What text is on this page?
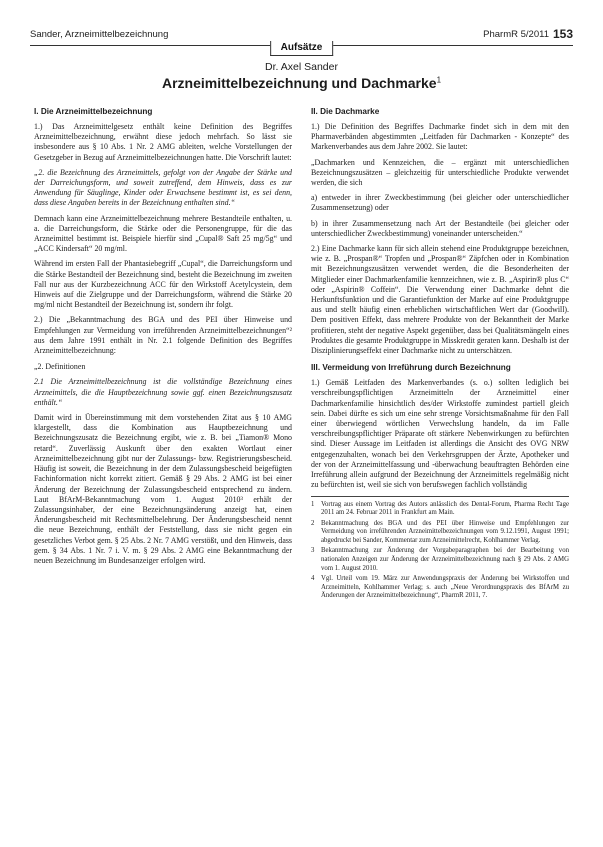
Sander, Arzneimittelbezeichnung	PharmR 5/2011 153
Aufsätze
Dr. Axel Sander
Arzneimittelbezeichnung und Dachmarke$^1$
I. Die Arzneimittelbezeichnung

1.) Das Arzneimittelgesetz enthält keine Definition des Begriffes Arzneimittelbezeichnung, erwähnt diese jedoch mehrfach. So lässt sie insbesondere aus § 10 Abs. 1 Nr. 2 AMG ableiten, welche Vorstellungen der Gesetzgeber in Bezug auf Arzneimittelbezeichnungen hatte. Die Vorschrift lautet:

„2. die Bezeichnung des Arzneimittels, gefolgt von der Angabe der Stärke und der Darreichungsform, und soweit zutreffend, dem Hinweis, dass es zur Anwendung für Säuglinge, Kinder oder Erwachsene bestimmt ist, es sei denn, dass diese Angaben bereits in der Bezeichnung enthalten sind.“

Demnach kann eine Arzneimittelbezeichnung mehrere Bestandteile enthalten, u. a. die Darreichungsform, die Stärke oder die Personengruppe, für die das Arzneimittel bestimmt ist. Beispiele hierfür sind „Cupal® Saft 25 mg/5g“ und „ACC Kindersaft“ 20 mg/ml.

Während im ersten Fall der Phantasiebegriff „Cupal“, die Darreichungsform und die Stärke Bestandteil der Bezeichnung sind, besteht die Bezeichnung im zweiten Fall nur aus der Kurzbezeichnung ACC für den Wirkstoff Acetylcystein, dem Hinweis auf die Zielgruppe und der Darreichungsform, während die Stärke 20 mg/ml nicht Bestandteil der Bezeichnung ist, sondern ihr folgt.

2.) Die „Bekanntmachung des BGA und des PEI über Hinweise und Empfehlungen zur Vermeidung von irreführenden Arzneimittelbezeichnungen“² aus dem Jahre 1991 enthält in Nr. 2.1 folgende Definition des Begriffes Arzneimittelbezeichnung:

„2. Definitionen

2.1 Die Arzneimittelbezeichnung ist die vollständige Bezeichnung eines Arzneimittels, die die Hauptbezeichnung sowie ggf. einen Bezeichnungszusatz enthält.“

Damit wird in Übereinstimmung mit dem vorstehenden Zitat aus § 10 AMG klargestellt, dass die Kombination aus Hauptbezeichnung und Bezeichnungszusatz die Bezeichnung ergibt, wie z. B. bei „Tiamon® Mono retard“. Zuverlässig Auskunft über den exakten Wortlaut einer Arzneimittelbezeichnung gibt nur der Zulassungs- bzw. Registrierungsbescheid. Häufig ist soweit, die Bezeichnung in der dem Zulassungsbescheid beigefügten Fachinformation nicht korrekt zitiert. Gemäß § 29 Abs. 2 AMG ist bei einer Änderung der Bezeichnung der Zulassungsbescheid entsprechend zu ändern. Laut BfArM-Bekanntmachung vom 1. August 2010³ erhält der Zulassungsinhaber, der eine Bezeichnungsänderung anzeigt hat, einen Änderungsbescheid mit Rechtsmittelbelehrung. Der Änderungsbescheid nennt die neue Bezeichnung, enthält der Feststellung, dass sie nicht gegen ein gesetzliches Verbot gem. § 25 Abs. 2 Nr. 7 AMG verstößt, und den Hinweis, dass gem. § 34 Abs. 1 Nr. 7 i. V. m. § 29 Abs. 2 AMG eine Bekanntmachung der neuen Bezeichnung im Bundesanzeiger erfolgen wird.

II. Die Dachmarke

1.) Die Definition des Begriffes Dachmarke findet sich in dem mit den Pharmaverbänden abgestimmten „Leitfaden für Dachmarken - Konzepte“ des Markenverbandes aus dem Jahre 2002. Sie lautet:

„Dachmarken und Kennzeichen, die – ergänzt mit unterschiedlichen Bezeichnungszusätzen – gleichzeitig für unterschiedliche Produkte verwendet werden, die sich

a) entweder in ihrer Zweckbestimmung (bei gleicher oder unterschiedlicher Zusammensetzung) oder

b) in ihrer Zusammensetzung nach Art der Bestandteile (bei gleicher oder unterschiedlicher Zweckbestimmung) voneinander unterscheiden.“

2.) Eine Dachmarke kann für sich allein stehend eine Produktgruppe bezeichnen, wie z. B. „Prospan®“ Tropfen und „Prospan®“ Zäpfchen oder in Kombination mit Bezeichnungszusätzen verwendet werden, die die Besonderheiten der Mitglieder einer Dachmarkenfamilie kennzeichnen, wie z. B. „Aspirin® plus C“ oder „Aspirin® Coffein“. Die Verwendung einer Dachmarke dehnt die Herkunftsfunktion und die Garantiefunktion der Marke auf eine Produktgruppe aus und stellt häufig einen erheblichen wirtschaftlichen Wert dar (Goodwill). Dem positiven Effekt, dass mehrere Produkte von der Bekanntheit der Marke profitieren, steht der negative Aspekt gegenüber, dass bei Qualitätsmängeln eines Produktes die gesamte Produktgruppe in Misskredit geraten kann. Deshalb ist der Disziplinierungseffekt einer Dachmarke nicht zu unterschätzen.

III. Vermeidung von Irreführung durch Bezeichnung

1.) Gemäß Leitfaden des Markenverbandes (s. o.) sollten lediglich bei verschreibungspflichtigen Arzneimitteln der Arzneimittel einer Dachmarkenfamilie hinsichtlich des/der Wirkstoffe zumindest partiell gleich sein. Dabei dürfte es sich um eine sehr strenge Vorsichtsmaßnahme für den Fall einer überwiegend wörtlichen Verwechslung handeln, da im Falle verschreibungspflichtiger Präparate oft stärkere Nebenwirkungen zu befürchten sind. Dieser Aussage im Leitfaden ist allerdings die Ansicht des OVG NRW entgegenzuhalten, wonach bei den Verkehrsgruppen der Ärzte, Apotheker und der von der Arzneimittelfassung und -überwachung beauftragten Behörden eine Irreführung allein aufgrund der Bezeichnung der Arzneimittels regelmäßig nicht zu befürchten ist, weil sie sich von berufswegen fachlich vollständig

1 Vortrag aus einem Vortrag des Autors anlässlich des Dental-Forum, Pharma Recht Tage 2011 am 24. Februar 2011 in Frankfurt am Main.
2 Bekanntmachung des BGA und des PEI über Hinweise und Empfehlungen zur Vermeidung von irreführenden Arzneimittelbezeichnungen vom 9.12.1991, August 1991; abgedruckt bei Sander, Kommentar zum Arzneimittelrecht, Kohlhammer Verlag.
3 Bekanntmachung zur Änderung der Vorgabeparagraphen bei der Bearbeitung von nationalen Anzeigen zur Änderung der Arzneimittelbezeichnung nach § 29 Abs. 2 AMG vom 1. August 2010.
4 Vgl. Urteil vom 19. März zur Anwendungspraxis der Änderung bei Wirkstoffen und Arzneimitteln, Kohlhammer Verlag; s. auch „Neue Verordnungspraxis des BfArM zu Änderungen der Arzneimittelbezeichnung“, PharmR 2011, 7.
